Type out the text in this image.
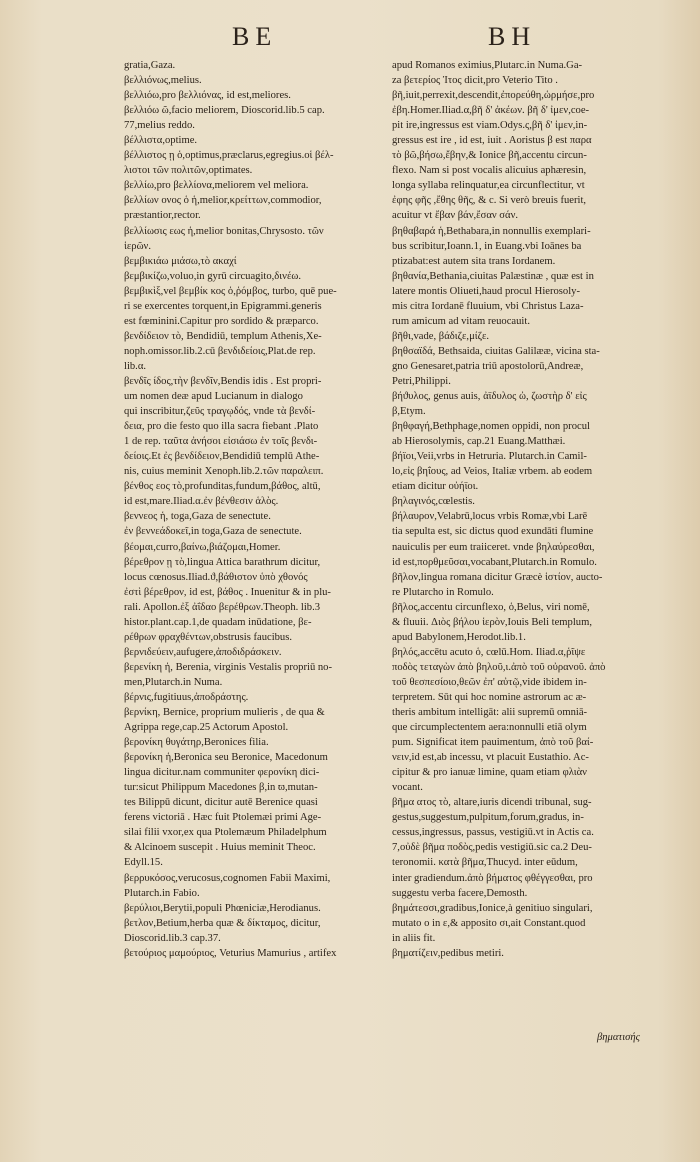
BE	BH

gratia,Gaza.

βελλιόνως,melius.

βελλιόω,pro βελλιόνας, id est,meliores.

βελλιόω ῶ,facio meliorem, Dioscorid.lib.5 cap.

77,melius reddo.

βέλλιστα,optime.

βέλλιστος ῃ ὁ,optimus,præclarus,egregius.οἱ βέλ-

λιστοι τῶν πολιτῶν,optimates.

βελλίω,pro βελλίονα,meliorem vel meliora.

βελλίων ονος ὁ ἡ,melior,κρείττων,commodior,

præstantior,rector.

βελλίωσις εως ἡ,melior bonitas,Chrysosto. τῶν

ἱερῶν.

βεμβικιάω μιάσω,τὸ ακαχί

βεμβικίζω,voluo,in gyrū circuagito,δινέω.

βεμβικὶξ,vel βεμβίκ κος ὁ,ῥόμβος, turbo, quē pue-

ri se exercentes torquent,in Epigrammi.generis

est fœminini.Capitur pro sordido & præparco.

βενδίδειον τὸ, Bendidiū, templum Athenis,Xe-

noph.omissor.lib.2.cū βενδιδείοις,Plat.de rep.

lib.α.

βενδῖς ίδος,τὴν βενδῖν,Bendis idis . Est propri-

um nomen deæ apud Lucianum in dialogo

qui inscribitur,ζεῦς τραγῳδός, vnde τὰ βενδί-

δεια, pro die festo quo illa sacra fiebant .Plato

1 de rep. ταῦτα ἀνήσοι εἰσιάσω ἐν τοῖς βενδι-

δείοις.Et ἐς βενδίδειον,Bendidiū templū Athe-

nis, cuius meminit Xenoph.lib.2.τῶν παραλειπ.

βένθος εος τὸ,profunditas,fundum,βάθος, altū,

id est,mare.Iliad.α.ἐν βένθεσιν ἁλὸς.

βεννεος ἡ, toga,Gaza de senectute.

ἐν βεννεάδοκεῖ,in toga,Gaza de senectute.

βέομαι,curro,βαίνω,βιάζομαι,Homer.

βέρεθρον ῃ τὸ,lingua Attica barathrum dicitur,

locus cœnosus.Iliad.ϑ,βάθιστον ὑπὸ χθονός

ἐστὶ βέρεθρον, id est, βάθος . Inuenitur & in plu-

rali. Apollon.ἐξ ἀΐδαο βερέθρων.Theoph. lib.3

histor.plant.cap.1,de quadam inūdatione, βε-

ρέθρων φραχθέντων,obstrusis faucibus.

βερνιδεύειν,aufugere,ἀποδιδράσκειν.

βερενίκη ἡ, Berenia, virginis Vestalis propriū no-

men,Plutarch.in Numa.

βέρνις,fugitiuus,ἀποδράστης.

βερνίκη, Bernice, proprium mulieris , de qua &

Agrippa rege,cap.25 Actorum Apostol.

βερονίκη θυγάτηρ,Beronices filia.

βερονίκη ἡ,Beronica seu Beronice, Macedonum

lingua dicitur.nam communiter φερονίκη dici-

tur:sicut Philippum Macedones β,in ϖ,mutan-

tes Bilippū dicunt, dicitur autē Berenice quasi

ferens victoriā . Hæc fuit Ptolemæi primi Age-

silai filii vxor,ex qua Ptolemæum Philadelphum

& Alcinoem suscepit . Huius meminit Theoc.

Edyll.15.

βερρυκόσος,verucosus,cognomen Fabii Maximi,

Plutarch.in Fabio.

βερύλιοι,Berytii,populi Phœniciæ,Herodianus.

βετλον,Betium,herba quæ & δίκταμος, dicitur,

Dioscorid.lib.3 cap.37.

βετούριος μαμούριος, Veturius Mamurius , artifex

apud Romanos eximius,Plutarc.in Numa.Ga-

za βετερίος Ἰτος dicit,pro Veterio Tito .

βῆ,iuit,perrexit,descendit,ἐπορεύθη,ὡρμήσε,pro

ἐβη.Homer.Iliad.α,βῆ δ' ἀκέων. βῆ δ' ἰμεν,coe-

pit ire,ingressus est viam.Odys.ς,βῆ δ' ἰμεν,in-

gressus est ire , id est, iuit . Aoristus β est παρα

τὸ βῶ,βήσω,ἔβην,& Ionice βῆ,accentu circun-

flexo. Nam si post vocalis alicuius aphæresin,

longa syllaba relinquatur,ea circunflectitur, vt

ἐφης φῆς ,ἔθης θῆς, & c. Si verò breuis fuerit,

acuitur vt ἔβαν βάν,ἔσαν σάν.

βηθαβαρά ἡ,Bethabara,in nonnullis exemplari-

bus scribitur,Ioann.1, in Euang.vbi Ioānes ba

ptizabat:est autem sita trans Iordanem.

βηθανία,Bethania,ciuitas Palæstinæ , quæ est in

latere montis Oliueti,haud procul Hierosoly-

mis citra Iordanē fluuium, vbi Christus Laza-

rum amicum ad vitam reuocauit.

βῆθι,vade, βάδιζε,μίζε.

βηθσαϊδά, Bethsaida, ciuitas Galilææ, vicina sta-

gno Genesaret,patria triū apostolorū,Andreæ,

Petri,Philippi.

βήϑυλος, genus auis, ἀϊδυλος ὠ, ζωστὴρ δ' εἰς

β,Etym.

βηθφαγή,Bethphage,nomen oppidi, non procul

ab Hierosolymis, cap.21 Euang.Matthæi.

βήϊοι,Veii,vrbs in Hetruria. Plutarch.in Camil-

lo,εἰς βηΐους, ad Veios, Italiæ vrbem. ab eodem

etiam dicitur οὐήϊοι.

βηλαγινός,cœlestis.

βήλαυρον,Velabrū,locus vrbis Romæ,vbi Larē

tia sepulta est, sic dictus quod exundāti flumine

nauiculis per eum traiiceret. vnde βηλαύρεσθαι,

id est,πορθμεῦσαι,vocabant,Plutarch.in Romulo.

βῆλον,lingua romana dicitur Græcè ἱστίον, aucto-

re Plutarcho in Romulo.

βῆλος,accentu circunflexo, ὁ,Belus, viri nomē,

& fluuii. Διὸς βήλου ἱερὸν,Iouis Beli templum,

apud Babylonem,Herodot.lib.1.

βηλός,accētu acuto ὁ, cœlū.Hom. Iliad.α,ῥῖψε

ποδὸς τεταγὼν ἀπὸ βηλοῦ,ι.ἀπὸ τοῦ οὐρανοῦ. ἀπὸ

τοῦ θεσπεσίοιο,θεῶν ἐπ' αὐτῷ,vide ibidem in-

terpretem. Sūt qui hoc nomine astrorum ac æ-

theris ambitum intelligāt: alii supremū omniā-

que circumplectentem aera:nonnulli etiā olym

pum. Significat item pauimentum, ἀπὸ τοῦ βαί-

νειν,id est,ab incessu, vt placuit Eustathio. Ac-

cipitur & pro ianuæ limine, quam etiam φλιὰν

vocant.

βῆμα ατος τὸ, altare,iuris dicendi tribunal, sug-

gestus,suggestum,pulpitum,forum,gradus, in-

cessus,ingressus, passus, vestigiū.vt in Actis ca.

7,οὐδὲ βῆμα ποδὸς,pedis vestigiū.sic ca.2 Deu-

teronomii. κατὰ βῆμα,Thucyd. inter eūdum,

inter gradiendum.ἀπὸ βήματος φθέγγεσθαι, pro

suggestu verba facere,Demosth.

βημάτεσσι,gradibus,Ionice,à genitiuo singulari,

mutato o in ε,& apposito σι,ait Constant.quod

in aliis fit.

βηματίζειν,pedibus metiri.

βηματισής
